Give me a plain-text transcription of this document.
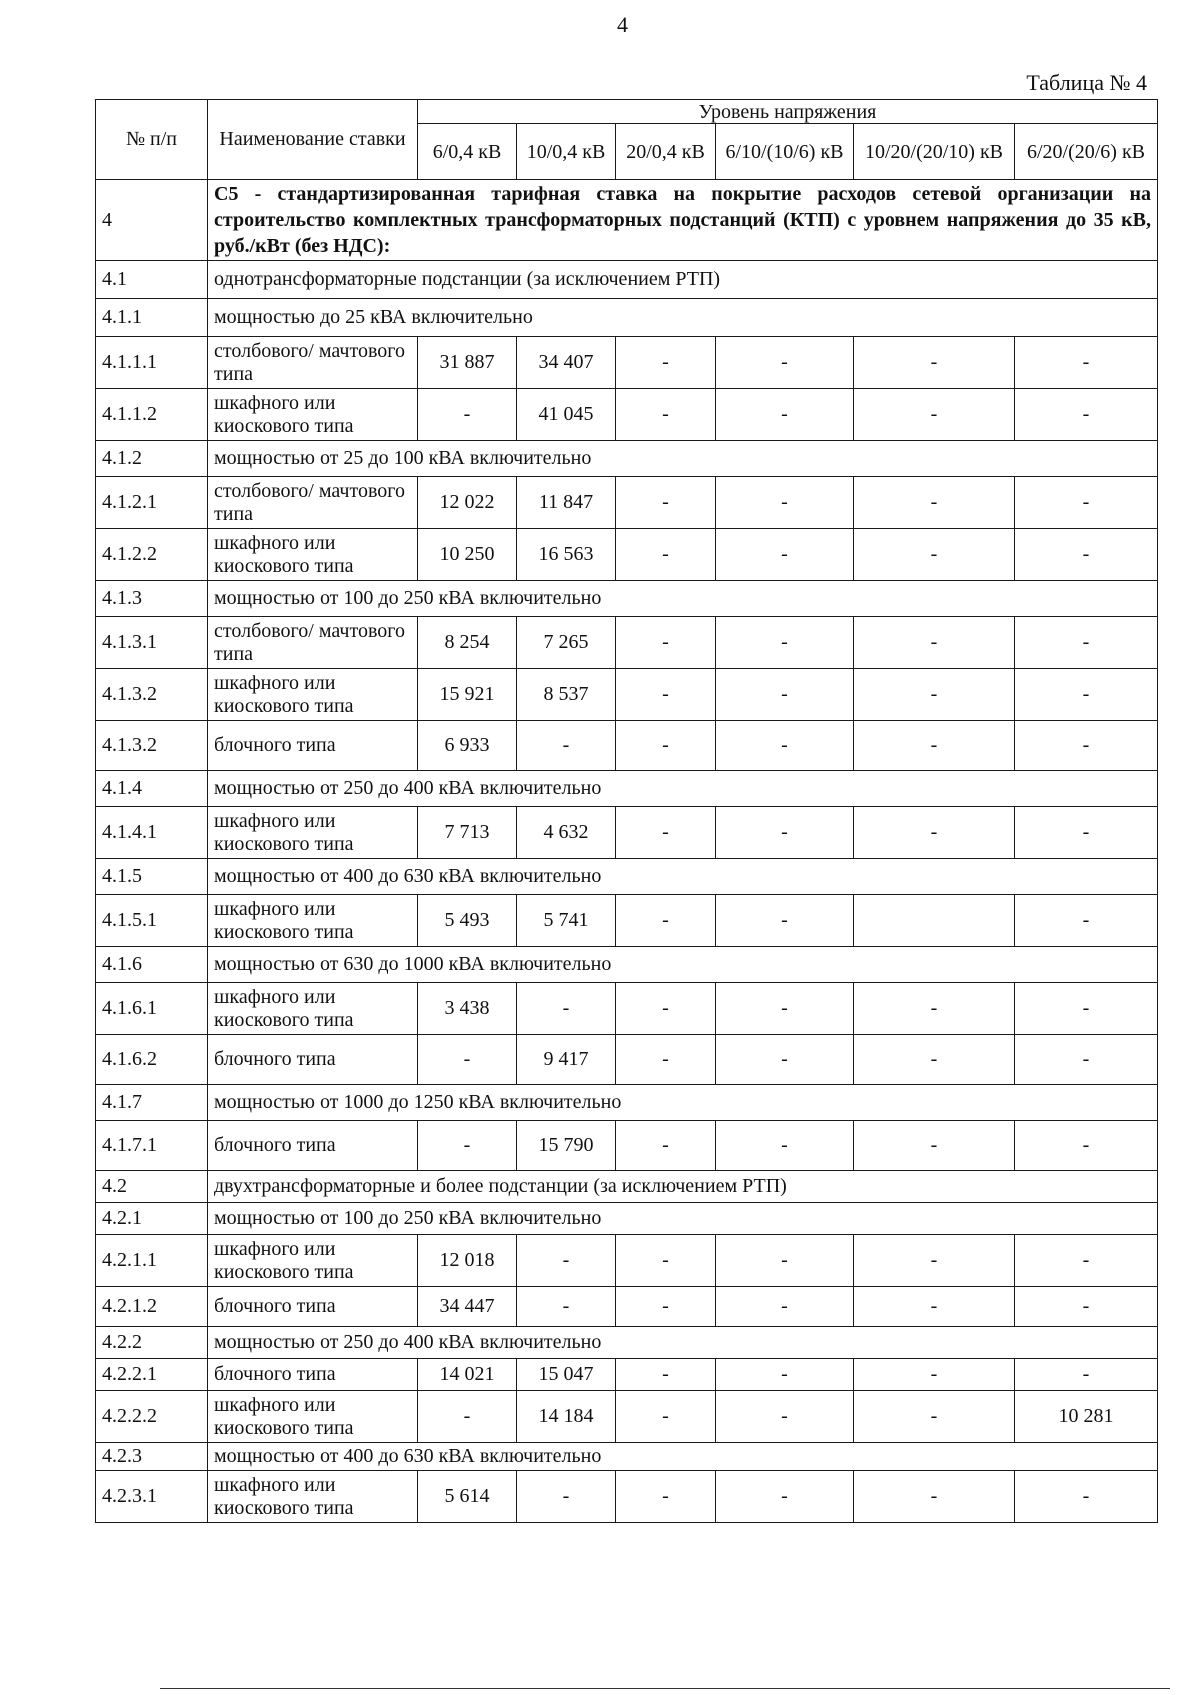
4
Таблица № 4
№ п/п	Наименование ставки	Уровень напряжения					
		6/0,4 кВ	10/0,4 кВ	20/0,4 кВ	6/10/(10/6) кВ	10/20/(20/10) кВ	6/20/(20/6) кВ
4	С5 - стандартизированная тарифная ставка на покрытие расходов сетевой организации на строительство комплектных трансформаторных подстанций (КТП) с уровнем напряжения до 35 кВ, руб./кВт (без НДС):						
4.1	однотрансформаторные подстанции (за исключением РТП)						
4.1.1	мощностью до 25 кВА включительно						
4.1.1.1	столбового/ мачтового типа	31 887	34 407	-	-	-	-
4.1.1.2	шкафного или киоскового типа	-	41 045	-	-	-	-
4.1.2	мощностью от 25 до 100 кВА включительно						
4.1.2.1	столбового/ мачтового типа	12 022	11 847	-	-	-	-
4.1.2.2	шкафного или киоскового типа	10 250	16 563	-	-	-	-
4.1.3	мощностью от 100 до 250 кВА включительно						
4.1.3.1	столбового/ мачтового типа	8 254	7 265	-	-	-	-
4.1.3.2	шкафного или киоскового типа	15 921	8 537	-	-	-	-
4.1.3.2	блочного типа	6 933	-	-	-	-	-
4.1.4	мощностью от 250 до 400 кВА включительно						
4.1.4.1	шкафного или киоскового типа	7 713	4 632	-	-	-	-
4.1.5	мощностью от 400 до 630 кВА включительно						
4.1.5.1	шкафного или киоскового типа	5 493	5 741	-	-		-
4.1.6	мощностью от 630 до 1000 кВА включительно						
4.1.6.1	шкафного или киоскового типа	3 438	-	-	-	-	-
4.1.6.2	блочного типа	-	9 417	-	-	-	-
4.1.7	мощностью от 1000 до 1250 кВА включительно						
4.1.7.1	блочного типа	-	15 790	-	-	-	-
4.2	двухтрансформаторные и более подстанции (за исключением РТП)						
4.2.1	мощностью от 100 до 250 кВА включительно						
4.2.1.1	шкафного или киоскового типа	12 018	-	-	-	-	-
4.2.1.2	блочного типа	34 447	-	-	-	-	-
4.2.2	мощностью от 250 до 400 кВА включительно						
4.2.2.1	блочного типа	14 021	15 047	-	-	-	-
4.2.2.2	шкафного или киоскового типа	-	14 184	-	-	-	10 281
4.2.3	мощностью от 400 до 630 кВА включительно						
4.2.3.1	шкафного или киоскового типа	5 614	-	-	-	-	-
